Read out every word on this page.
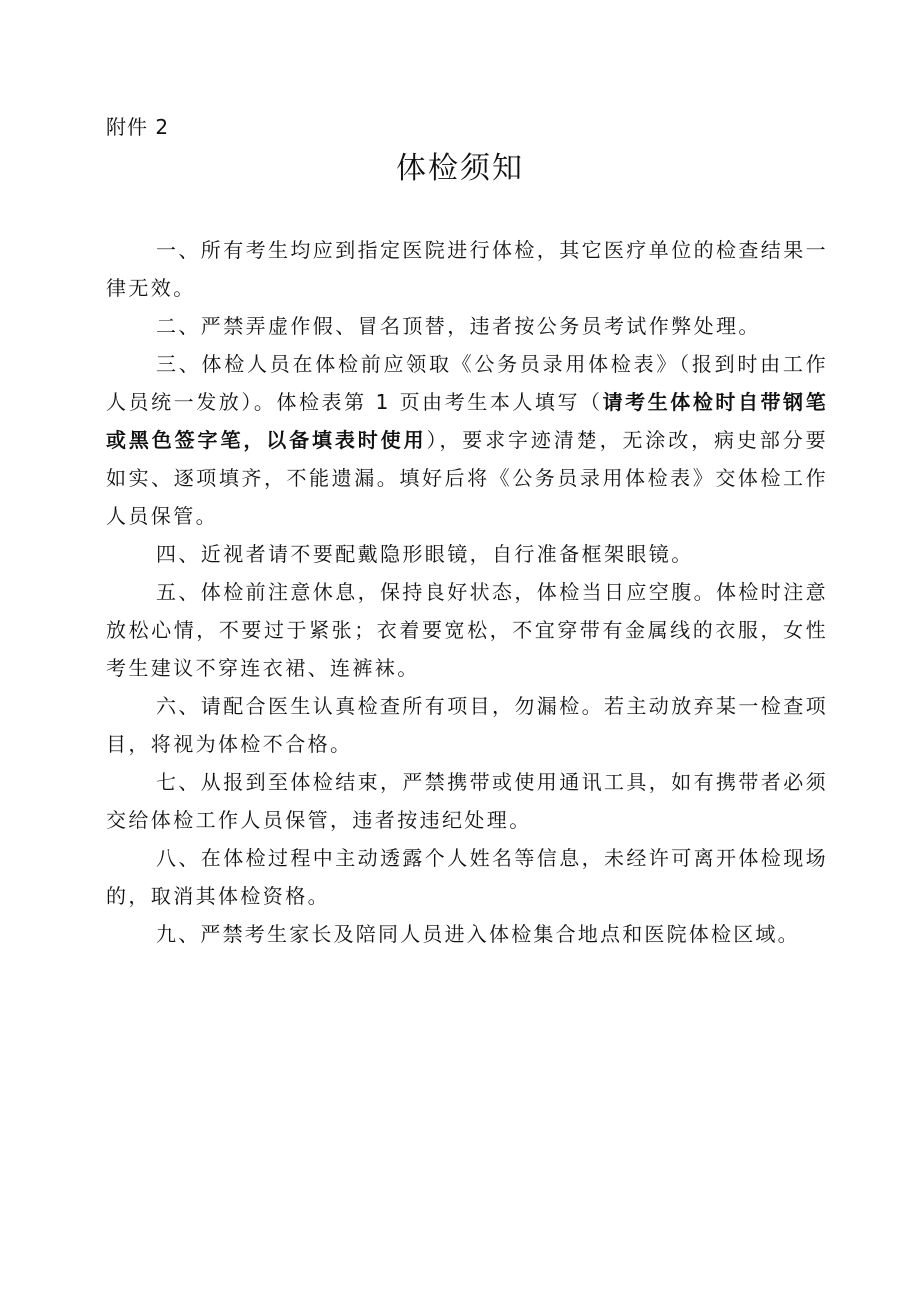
附件 2

体检须知

一、所有考生均应到指定医院进行体检，其它医疗单位的检查结果一律无效。

二、严禁弄虚作假、冒名顶替，违者按公务员考试作弊处理。

三、体检人员在体检前应领取《公务员录用体检表》（报到时由工作人员统一发放）。体检表第 1 页由考生本人填写（请考生体检时自带钢笔或黑色签字笔，以备填表时使用），要求字迹清楚，无涂改，病史部分要如实、逐项填齐，不能遗漏。填好后将《公务员录用体检表》交体检工作人员保管。

四、近视者请不要配戴隐形眼镜，自行准备框架眼镜。

五、体检前注意休息，保持良好状态，体检当日应空腹。体检时注意放松心情，不要过于紧张；衣着要宽松，不宜穿带有金属线的衣服，女性考生建议不穿连衣裙、连裤袜。

六、请配合医生认真检查所有项目，勿漏检。若主动放弃某一检查项目，将视为体检不合格。

七、从报到至体检结束，严禁携带或使用通讯工具，如有携带者必须交给体检工作人员保管，违者按违纪处理。

八、在体检过程中主动透露个人姓名等信息，未经许可离开体检现场的，取消其体检资格。

九、严禁考生家长及陪同人员进入体检集合地点和医院体检区域。
